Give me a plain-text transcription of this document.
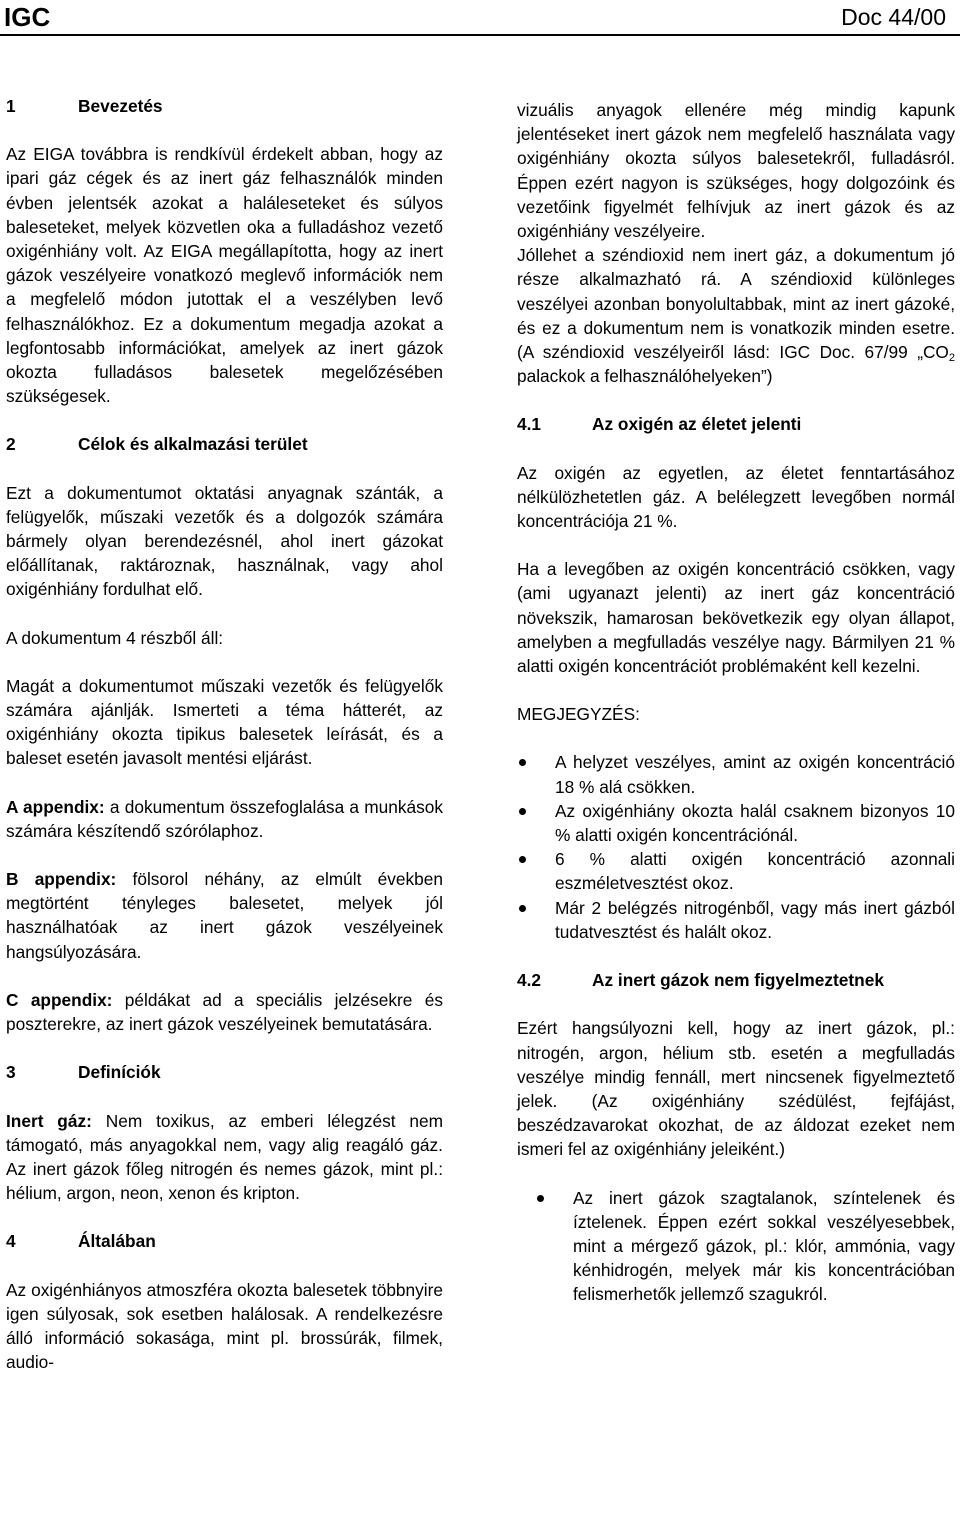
IGC	Doc 44/00
1	Bevezetés

Az EIGA továbbra is rendkívül érdekelt abban, hogy az ipari gáz cégek és az inert gáz felhasználók minden évben jelentsék azokat a haláleseteket és súlyos baleseteket, melyek közvetlen oka a fulladáshoz vezető oxigénhiány volt. Az EIGA megállapította, hogy az inert gázok veszélyeire vonatkozó meglevő információk nem a megfelelő módon jutottak el a veszélyben levő felhasználókhoz. Ez a dokumentum megadja azokat a legfontosabb információkat, amelyek az inert gázok okozta fulladásos balesetek megelőzésében szükségesek.

2	Célok és alkalmazási terület

Ezt a dokumentumot oktatási anyagnak szánták, a felügyelők, műszaki vezetők és a dolgozók számára bármely olyan berendezésnél, ahol inert gázokat előállítanak, raktároznak, használnak, vagy ahol oxigénhiány fordulhat elő.

A dokumentum 4 részből áll:

Magát a dokumentumot műszaki vezetők és felügyelők számára ajánlják. Ismerteti a téma hátterét, az oxigénhiány okozta tipikus balesetek leírását, és a baleset esetén javasolt mentési eljárást.

A appendix: a dokumentum összefoglalása a munkások számára készítendő szórólaphoz.

B appendix: fölsorol néhány, az elmúlt években megtörtént tényleges balesetet, melyek jól használhatóak az inert gázok veszélyeinek hangsúlyozására.

C appendix: példákat ad a speciális jelzésekre és poszterekre, az inert gázok veszélyeinek bemutatására.

3	Definíciók

Inert gáz: Nem toxikus, az emberi lélegzést nem támogató, más anyagokkal nem, vagy alig reagáló gáz. Az inert gázok főleg nitrogén és nemes gázok, mint pl.: hélium, argon, neon, xenon és kripton.

4	Általában

Az oxigénhiányos atmoszféra okozta balesetek többnyire igen súlyosak, sok esetben halálosak. A rendelkezésre álló információ sokasága, mint pl. brossúrák, filmek, audio-

vizuális anyagok ellenére még mindig kapunk jelentéseket inert gázok nem megfelelő használata vagy oxigénhiány okozta súlyos balesetekről, fulladásról. Éppen ezért nagyon is szükséges, hogy dolgozóink és vezetőink figyelmét felhívjuk az inert gázok és az oxigénhiány veszélyeire.

Jóllehet a széndioxid nem inert gáz, a dokumentum jó része alkalmazható rá. A széndioxid különleges veszélyei azonban bonyolultabbak, mint az inert gázoké, és ez a dokumentum nem is vonatkozik minden esetre. (A széndioxid veszélyeiről lásd: IGC Doc. 67/99 $„CO_2$ palackok a felhasználóhelyeken”)

4.1	Az oxigén az életet jelenti

Az oxigén az egyetlen, az életet fenntartásához nélkülözhetetlen gáz. A belélegzett levegőben normál koncentrációja 21 %.

Ha a levegőben az oxigén koncentráció csökken, vagy (ami ugyanazt jelenti) az inert gáz koncentráció növekszik, hamarosan bekövetkezik egy olyan állapot, amelyben a megfulladás veszélye nagy. Bármilyen 21 % alatti oxigén koncentrációt problémaként kell kezelni.

MEGJEGYZÉS:

A helyzet veszélyes, amint az oxigén koncentráció 18 % alá csökken.
Az oxigénhiány okozta halál csaknem bizonyos 10 % alatti oxigén koncentrációnál.
6 % alatti oxigén koncentráció azonnali eszméletvesztést okoz.
Már 2 belégzés nitrogénből, vagy más inert gázból tudatvesztést és halált okoz.
4.2	Az inert gázok nem figyelmeztetnek

Ezért hangsúlyozni kell, hogy az inert gázok, pl.: nitrogén, argon, hélium stb. esetén a megfulladás veszélye mindig fennáll, mert nincsenek figyelmeztető jelek. (Az oxigénhiány szédülést, fejfájást, beszédzavarokat okozhat, de az áldozat ezeket nem ismeri fel az oxigénhiány jeleiként.)

Az inert gázok szagtalanok, színtelenek és íztelenek. Éppen ezért sokkal veszélyesebbek, mint a mérgező gázok, pl.: klór, ammónia, vagy kénhidrogén, melyek már kis koncentrációban felismerhetők jellemző szagukról.
